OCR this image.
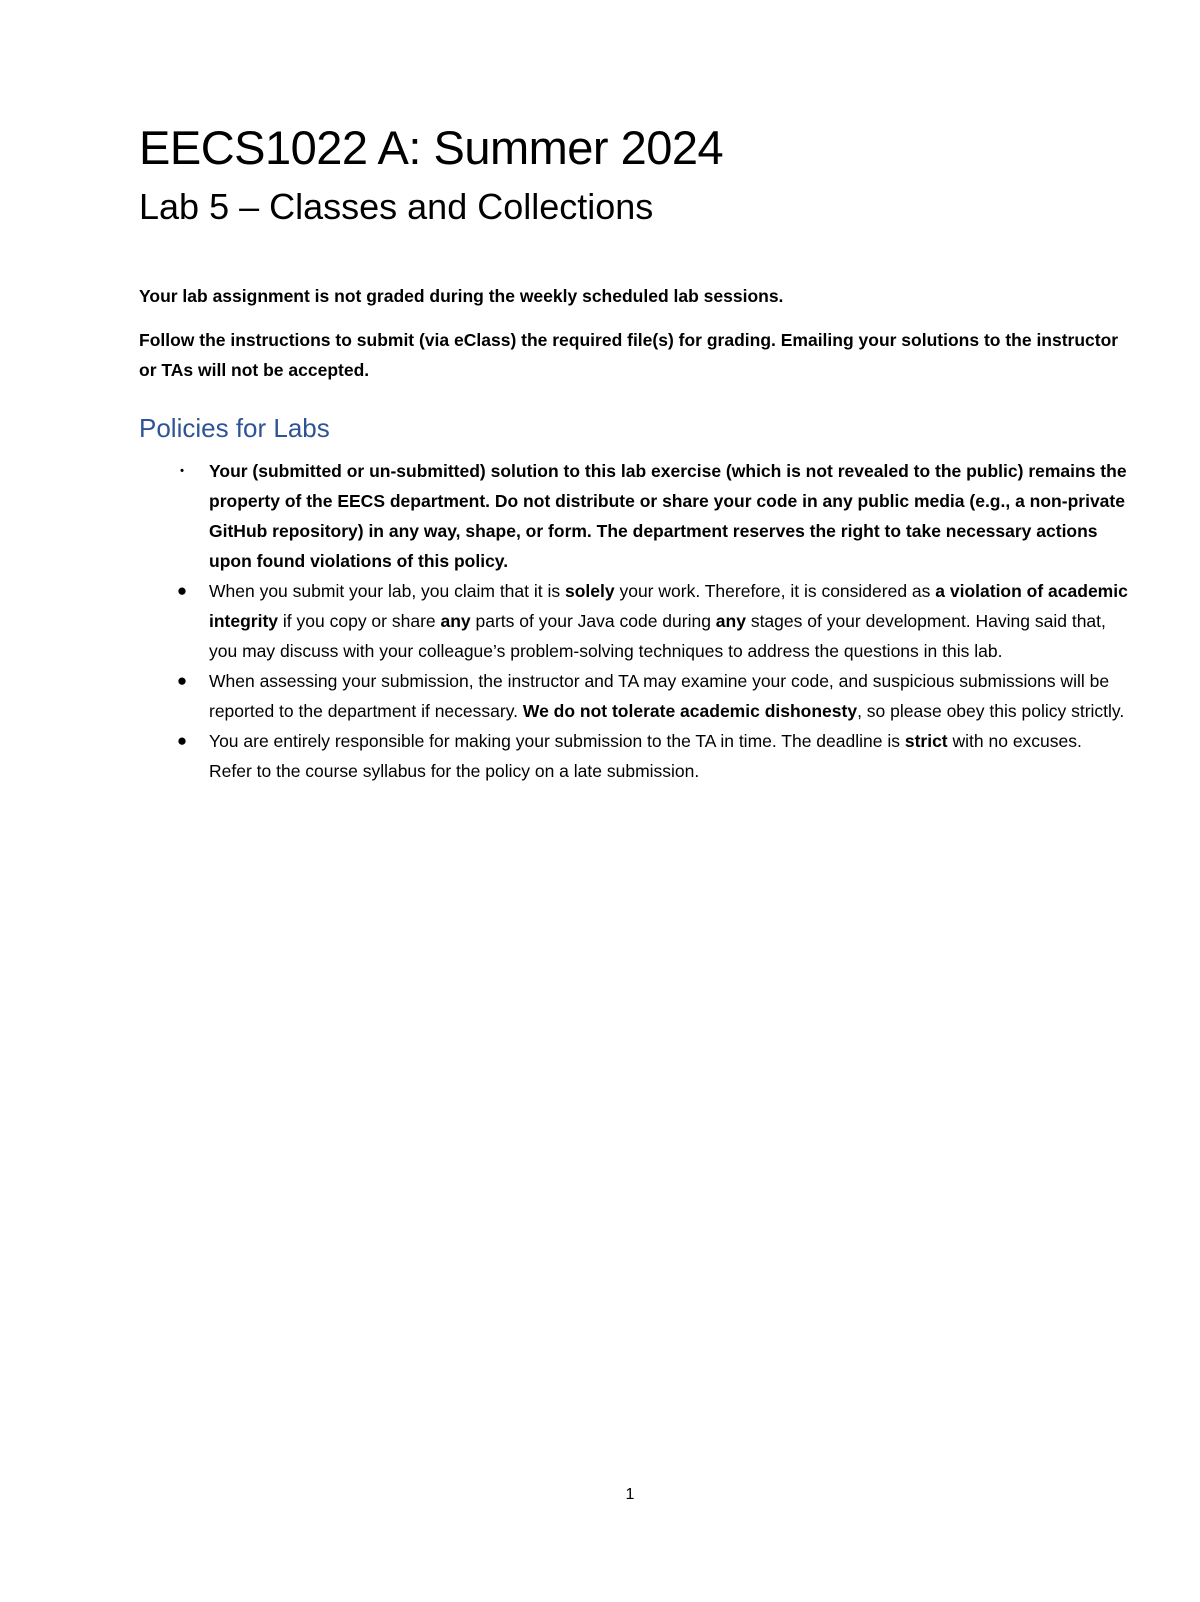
EECS1022 A: Summer 2024
Lab 5 – Classes and Collections

Your lab assignment is not graded during the weekly scheduled lab sessions.

Follow the instructions to submit (via eClass) the required file(s) for grading. Emailing your solutions to the instructor or TAs will not be accepted.

Policies for Labs
•	Your (submitted or un-submitted) solution to this lab exercise (which is not revealed to the public) remains the property of the EECS department. Do not distribute or share your code in any public media (e.g., a non-private GitHub repository) in any way, shape, or form. The department reserves the right to take necessary actions upon found violations of this policy.
● When you submit your lab, you claim that it is solely your work. Therefore, it is considered as a violation of academic integrity if you copy or share any parts of your Java code during any stages of your development. Having said that, you may discuss with your colleague’s problem-solving techniques to address the questions in this lab.
● When assessing your submission, the instructor and TA may examine your code, and suspicious submissions will be reported to the department if necessary. We do not tolerate academic dishonesty, so please obey this policy strictly.
● You are entirely responsible for making your submission to the TA in time. The deadline is strict with no excuses. Refer to the course syllabus for the policy on a late submission.

1
